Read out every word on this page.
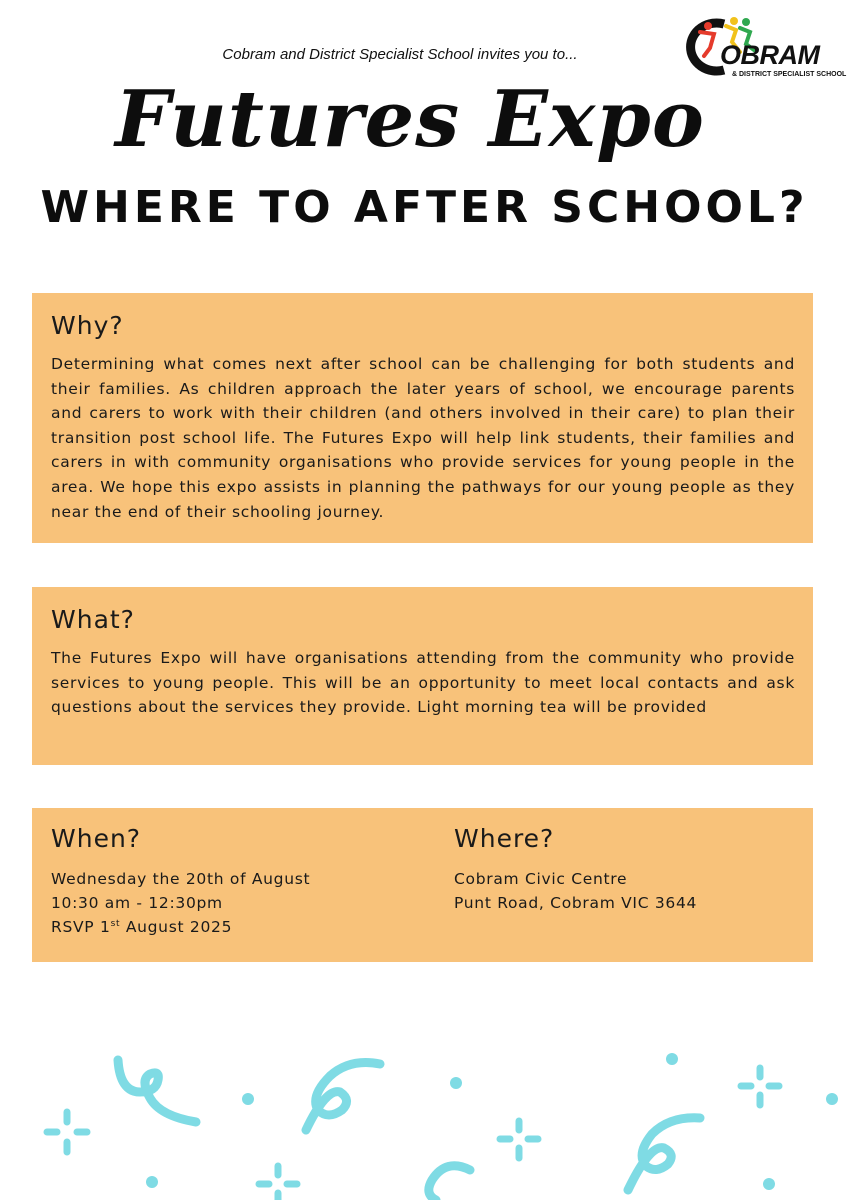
Cobram and District Specialist School invites you to...	OBRAM
& DISTRICT SPECIALIST SCHOOL
Futures Expo
WHERE TO AFTER SCHOOL?
Why?

Determining what comes next after school can be challenging for both students and their families. As children approach the later years of school, we encourage parents and carers to work with their children (and others involved in their care) to plan their transition post school life. The Futures Expo will help link students, their families and carers in with community organisations who provide services for young people in the area. We hope this expo assists in planning the pathways for our young people as they near the end of their schooling journey.

What?

The Futures Expo will have organisations attending from the community who provide services to young people. This will be an opportunity to meet local contacts and ask questions about the services they provide. Light morning tea will be provided

When?
Wednesday the 20th of August
10:30 am - 12:30pm
RSVP 1st August 2025
Where?
Cobram Civic Centre
Punt Road, Cobram VIC 3644
